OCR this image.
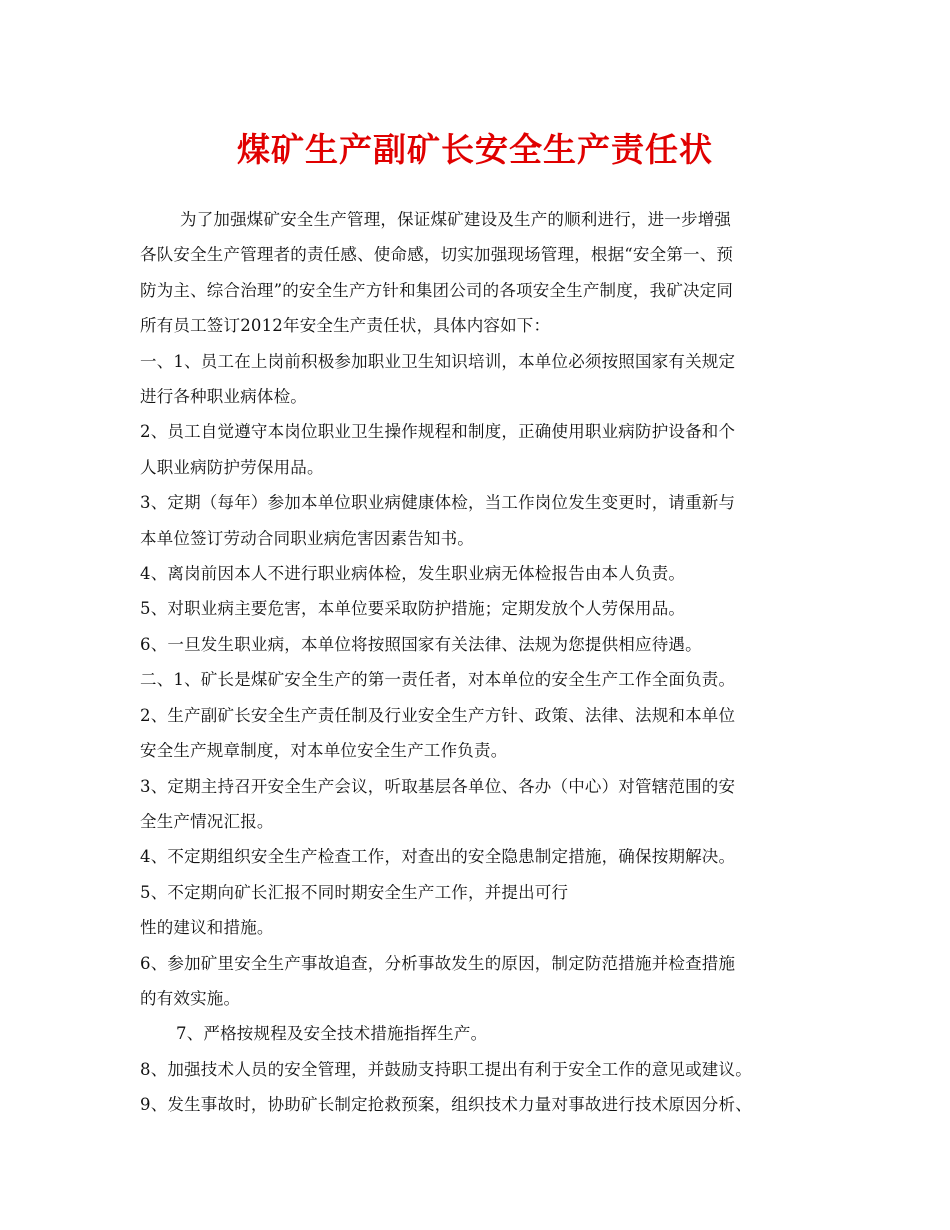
煤矿生产副矿长安全生产责任状

为了加强煤矿安全生产管理，保证煤矿建设及生产的顺利进行，进一步增强

各队安全生产管理者的责任感、使命感，切实加强现场管理，根据“安全第一、预

防为主、综合治理”的安全生产方针和集团公司的各项安全生产制度，我矿决定同

所有员工签订2012年安全生产责任状，具体内容如下：

一、1、员工在上岗前积极参加职业卫生知识培训，本单位必须按照国家有关规定

进行各种职业病体检。

2、员工自觉遵守本岗位职业卫生操作规程和制度，正确使用职业病防护设备和个

人职业病防护劳保用品。

3、定期（每年）参加本单位职业病健康体检，当工作岗位发生变更时，请重新与

本单位签订劳动合同职业病危害因素告知书。

4、离岗前因本人不进行职业病体检，发生职业病无体检报告由本人负责。

5、对职业病主要危害，本单位要采取防护措施；定期发放个人劳保用品。

6、一旦发生职业病，本单位将按照国家有关法律、法规为您提供相应待遇。

二、1、矿长是煤矿安全生产的第一责任者，对本单位的安全生产工作全面负责。

2、生产副矿长安全生产责任制及行业安全生产方针、政策、法律、法规和本单位

安全生产规章制度，对本单位安全生产工作负责。

3、定期主持召开安全生产会议，听取基层各单位、各办（中心）对管辖范围的安

全生产情况汇报。

4、不定期组织安全生产检查工作，对查出的安全隐患制定措施，确保按期解决。

5、不定期向矿长汇报不同时期安全生产工作，并提出可行

性的建议和措施。

6、参加矿里安全生产事故追查，分析事故发生的原因，制定防范措施并检查措施

的有效实施。

7、严格按规程及安全技术措施指挥生产。

8、加强技术人员的安全管理，并鼓励支持职工提出有利于安全工作的意见或建议。

9、发生事故时，协助矿长制定抢救预案，组织技术力量对事故进行技术原因分析、
